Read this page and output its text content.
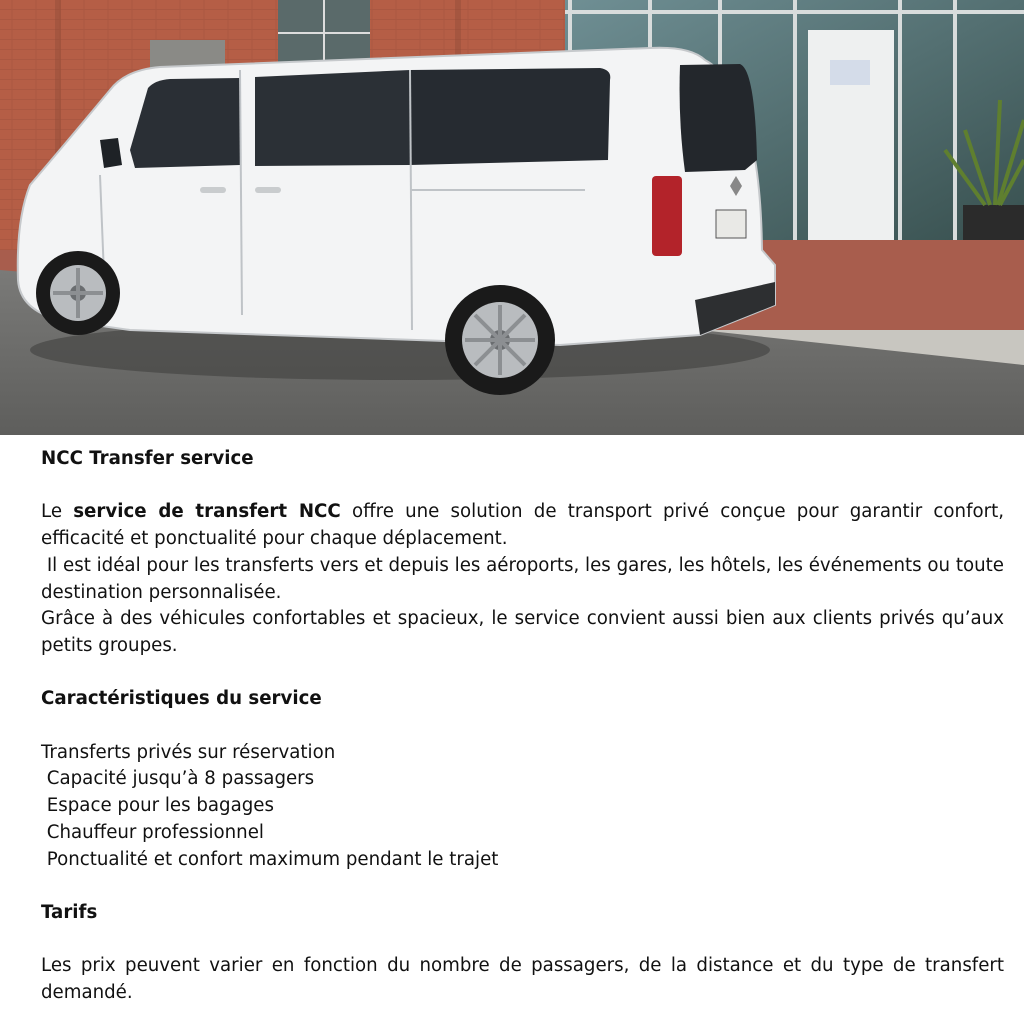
NCC Transfer service

Le service de transfert NCC offre une solution de transport privé conçue pour garantir confort, efficacité et ponctualité pour chaque déplacement.

Il est idéal pour les transferts vers et depuis les aéroports, les gares, les hôtels, les événements ou toute destination personnalisée.

Grâce à des véhicules confortables et spacieux, le service convient aussi bien aux clients privés qu’aux petits groupes.

Caractéristiques du service

Transferts privés sur réservation

Capacité jusqu’à 8 passagers

Espace pour les bagages

Chauffeur professionnel

Ponctualité et confort maximum pendant le trajet

Tarifs

Les prix peuvent varier en fonction du nombre de passagers, de la distance et du type de transfert demandé.
